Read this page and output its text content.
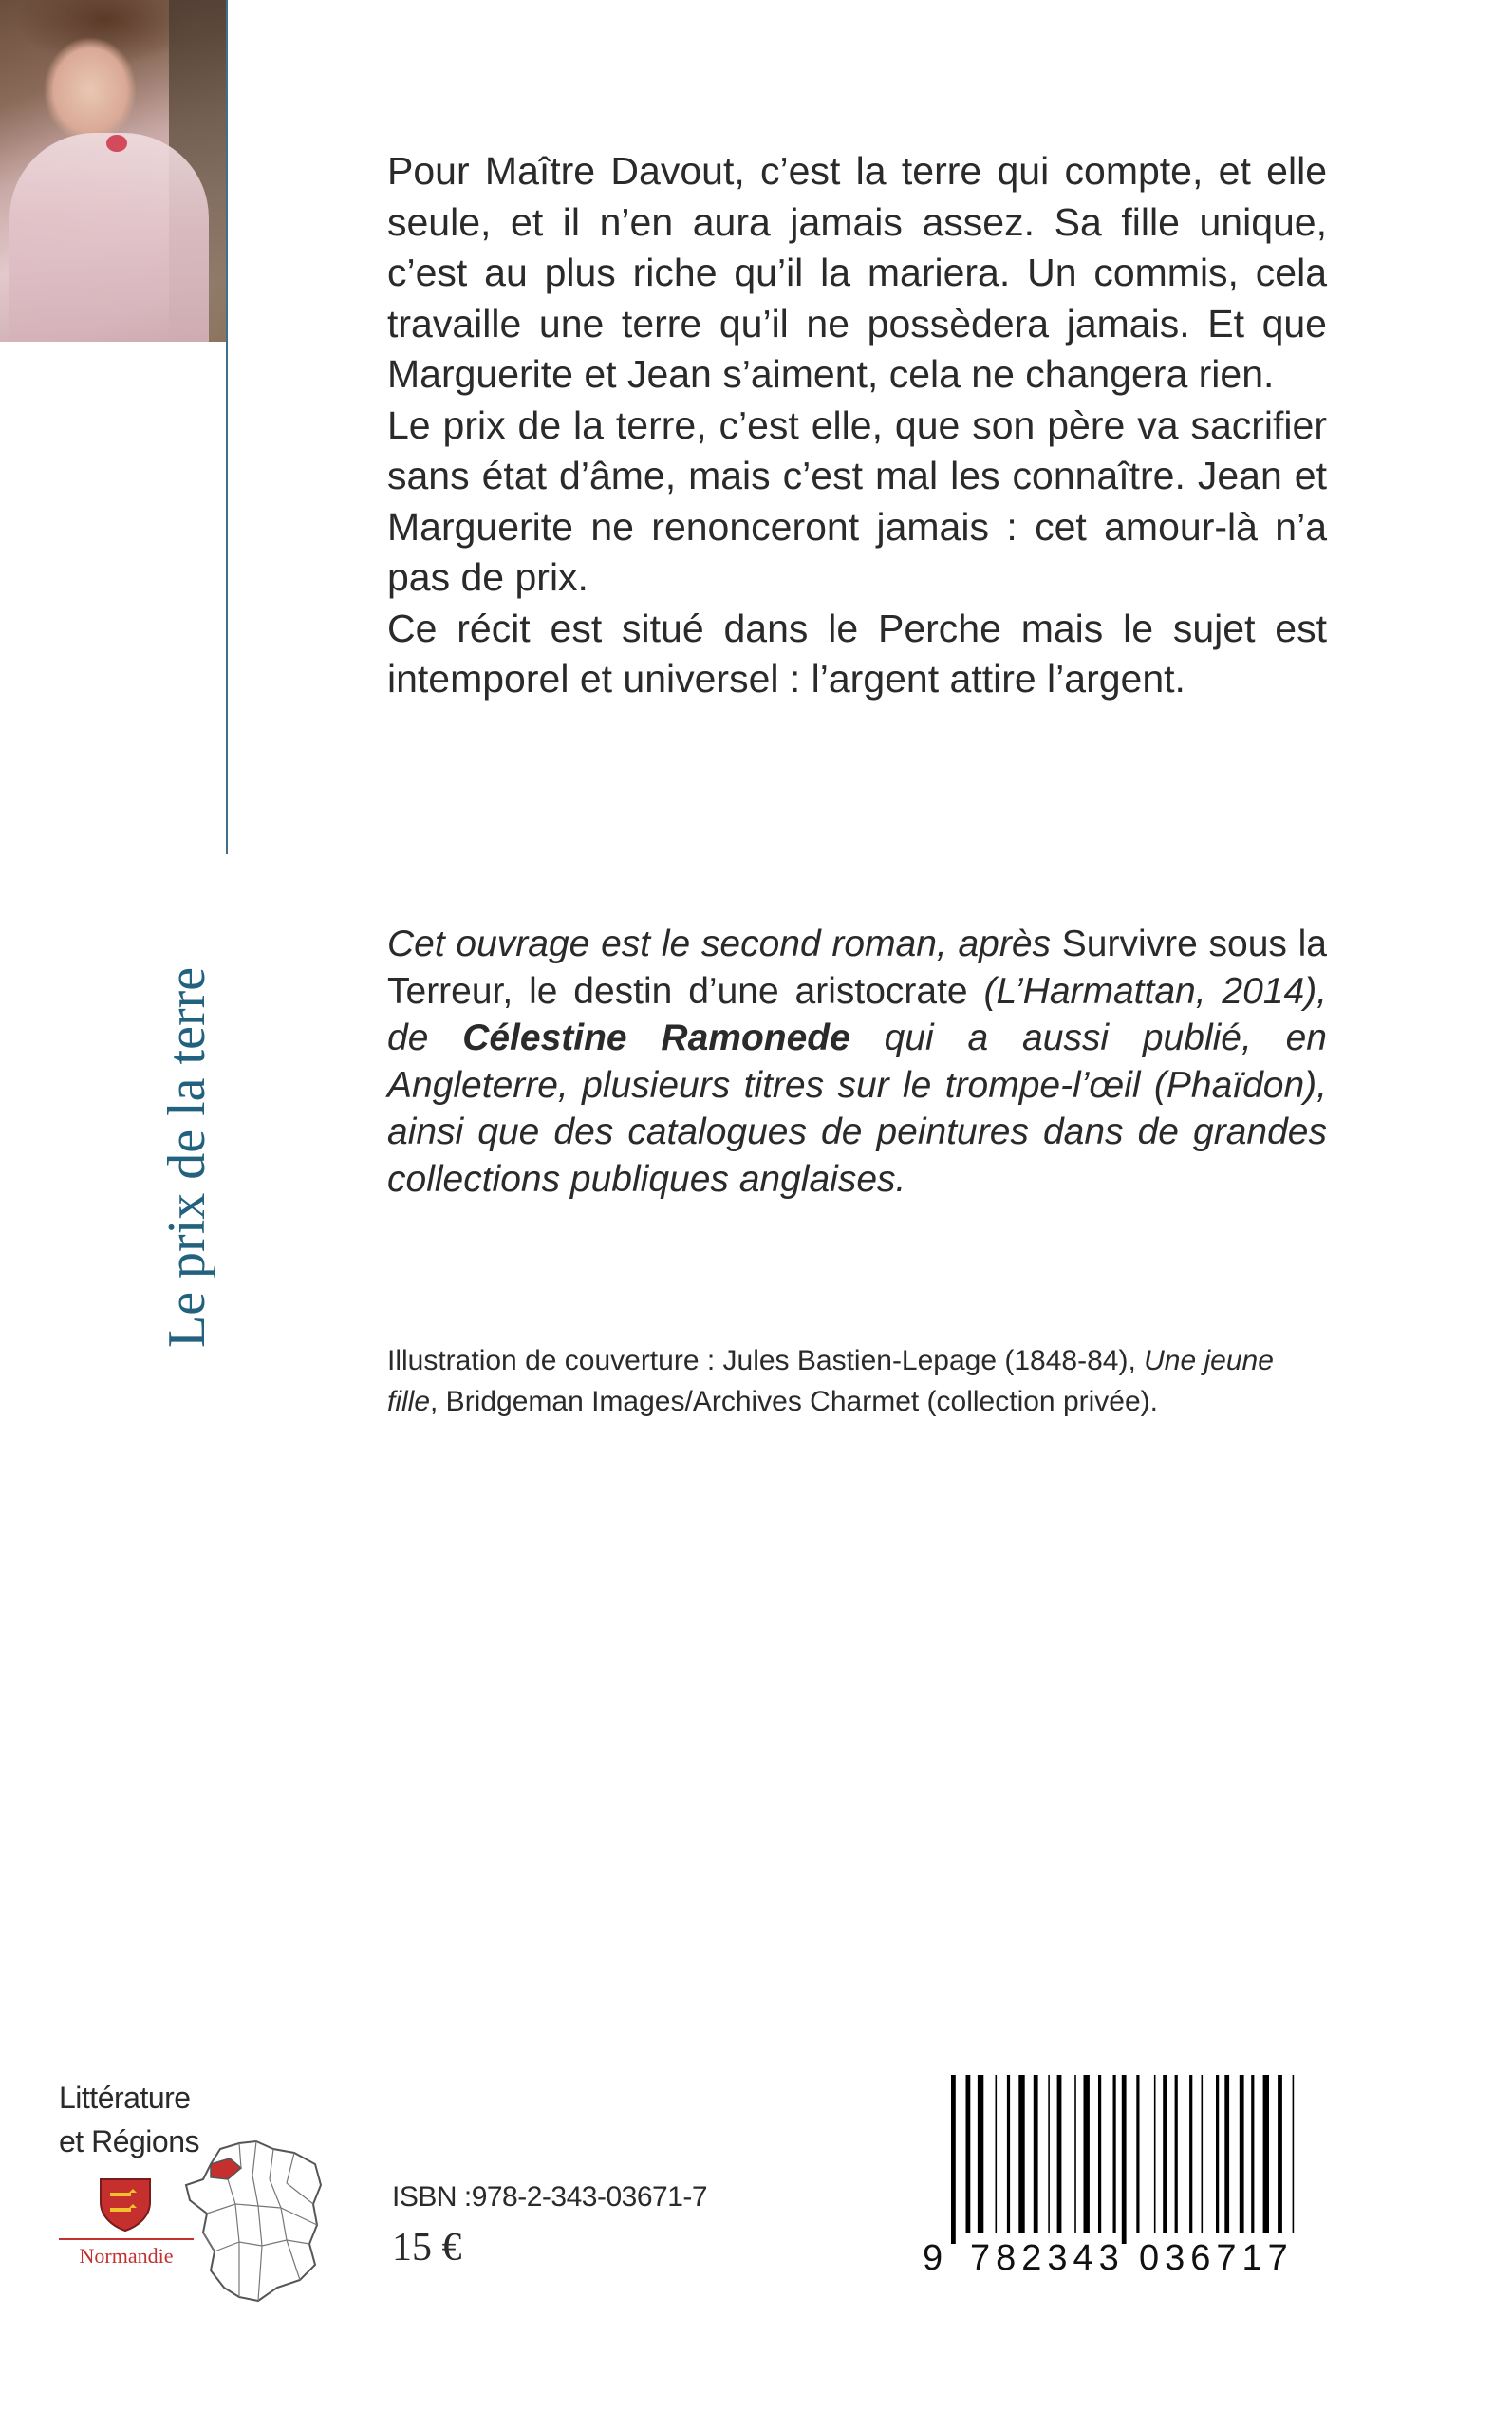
Le prix de la terre

Pour Maître Davout, c’est la terre qui compte, et elle seule, et il n’en aura jamais assez. Sa fille unique, c’est au plus riche qu’il la mariera. Un commis, cela travaille une terre qu’il ne possèdera jamais. Et que Marguerite et Jean s’aiment, cela ne changera rien.

Le prix de la terre, c’est elle, que son père va sacrifier sans état d’âme, mais c’est mal les connaître. Jean et Marguerite ne renonceront jamais : cet amour-là n’a pas de prix.

Ce récit est situé dans le Perche mais le sujet est intemporel et universel : l’argent attire l’argent.

Cet ouvrage est le second roman, après Survivre sous la Terreur, le destin d’une aristocrate (L’Harmattan, 2014), de Célestine Ramonede qui a aussi publié, en Angleterre, plusieurs titres sur le trompe-l’œil (Phaïdon), ainsi que des catalogues de peintures dans de grandes collections publiques anglaises.
Illustration de couverture : Jules Bastien-Lepage (1848-84), Une jeune fille, Bridgeman Images/Archives Charmet (collection privée).
Littérature
et Régions
Normandie
ISBN :978-2-343-03671-7
15 €	9 782343 036717
